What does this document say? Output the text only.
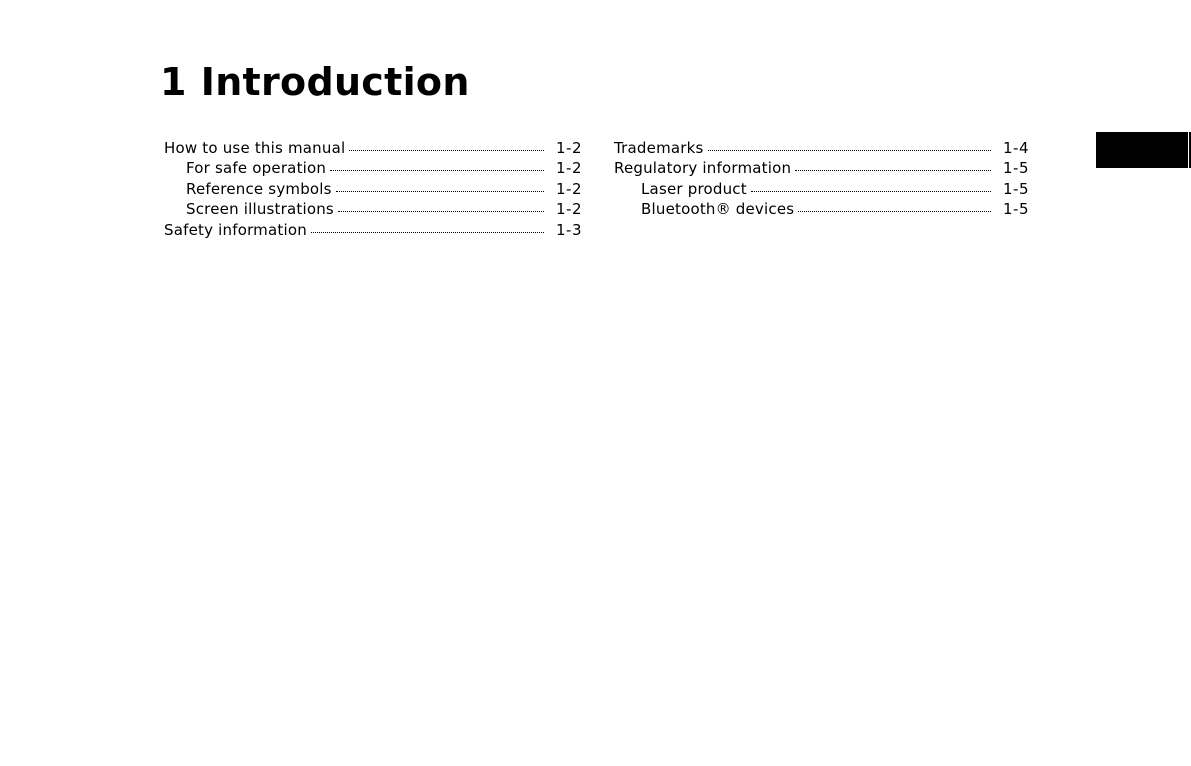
1 Introduction
How to use this manual	1-2
For safe operation	1-2
Reference symbols	1-2
Screen illustrations	1-2
Safety information	1-3
Trademarks	1-4
Regulatory information	1-5
Laser product	1-5
Bluetooth® devices	1-5
